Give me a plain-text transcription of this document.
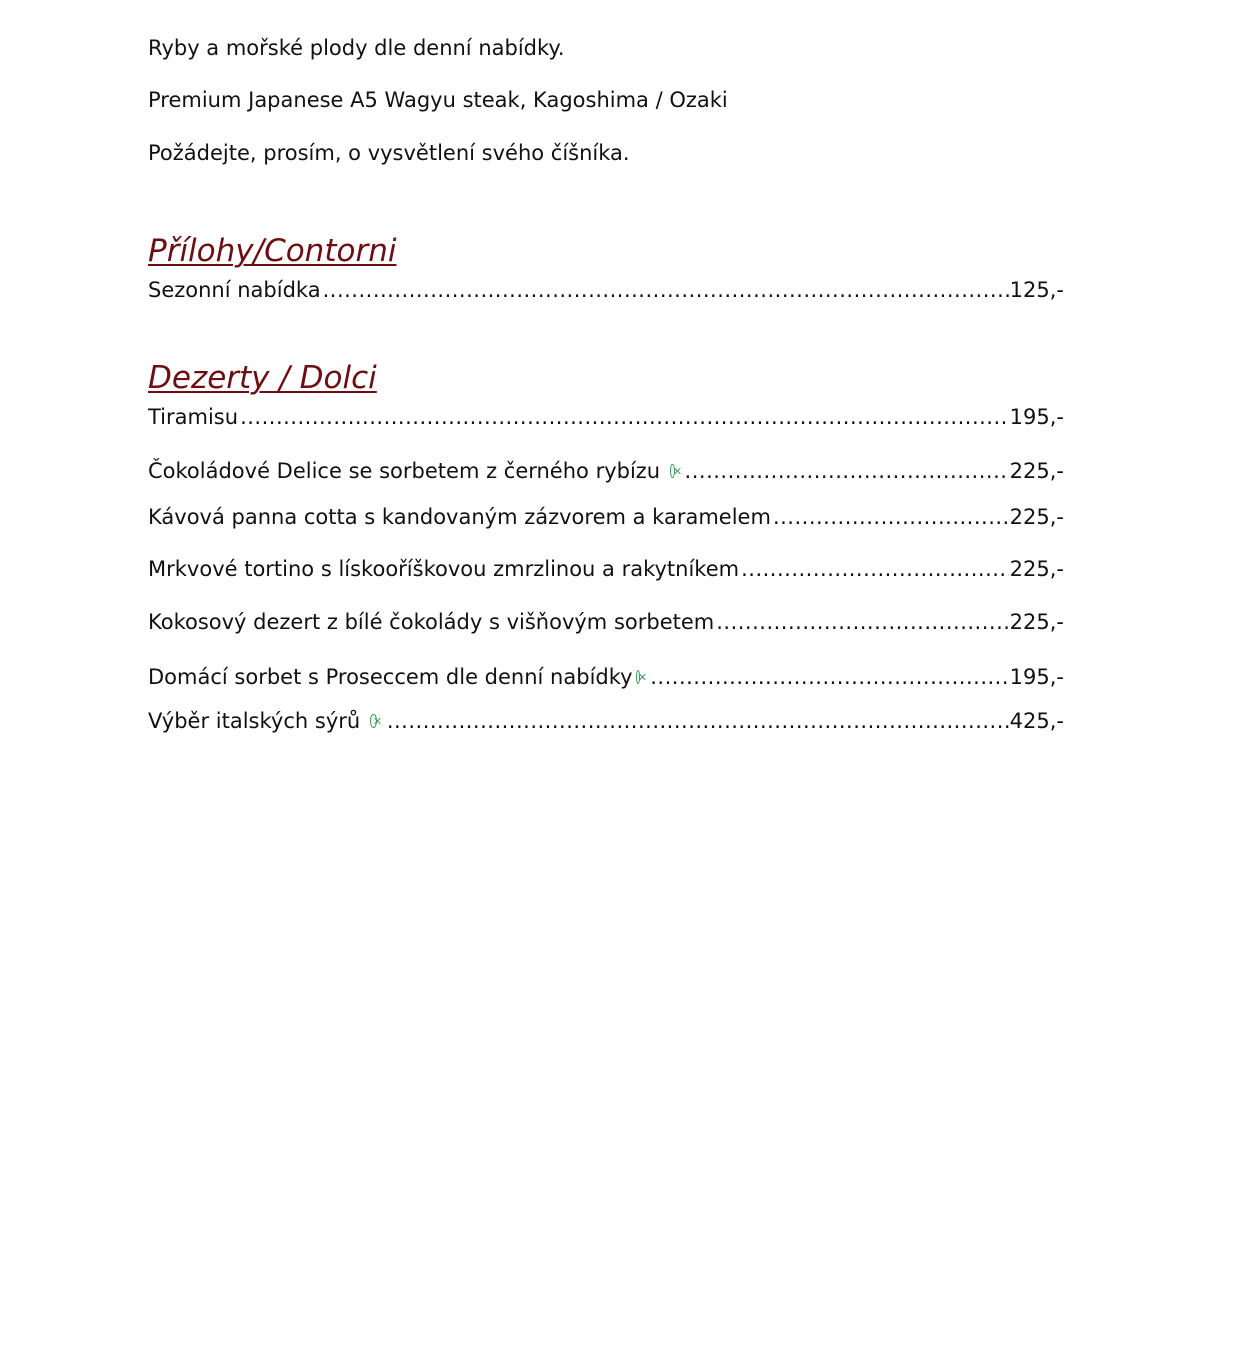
Ryby a mořské plody dle denní nabídky.
Premium Japanese A5 Wagyu steak, Kagoshima / Ozaki
Požádejte, prosím, o vysvětlení svého číšníka.
Přílohy/Contorni
Sezonní nabídka .....	125,-
Dezerty / Dolci
Tiramisu .....	195,-
Čokoládové Delice se sorbetem z černého rybízu .....	225,-
Kávová panna cotta s kandovaným zázvorem a karamelem .....	225,-
Mrkvové tortino s lískooříškovou zmrzlinou a rakytníkem .....	225,-
Kokosový dezert z bílé čokolády s višňovým sorbetem .....	225,-
Domácí sorbet s Proseccem dle denní nabídky .....	195,-
Výběr italských sýrů .....	425,-
